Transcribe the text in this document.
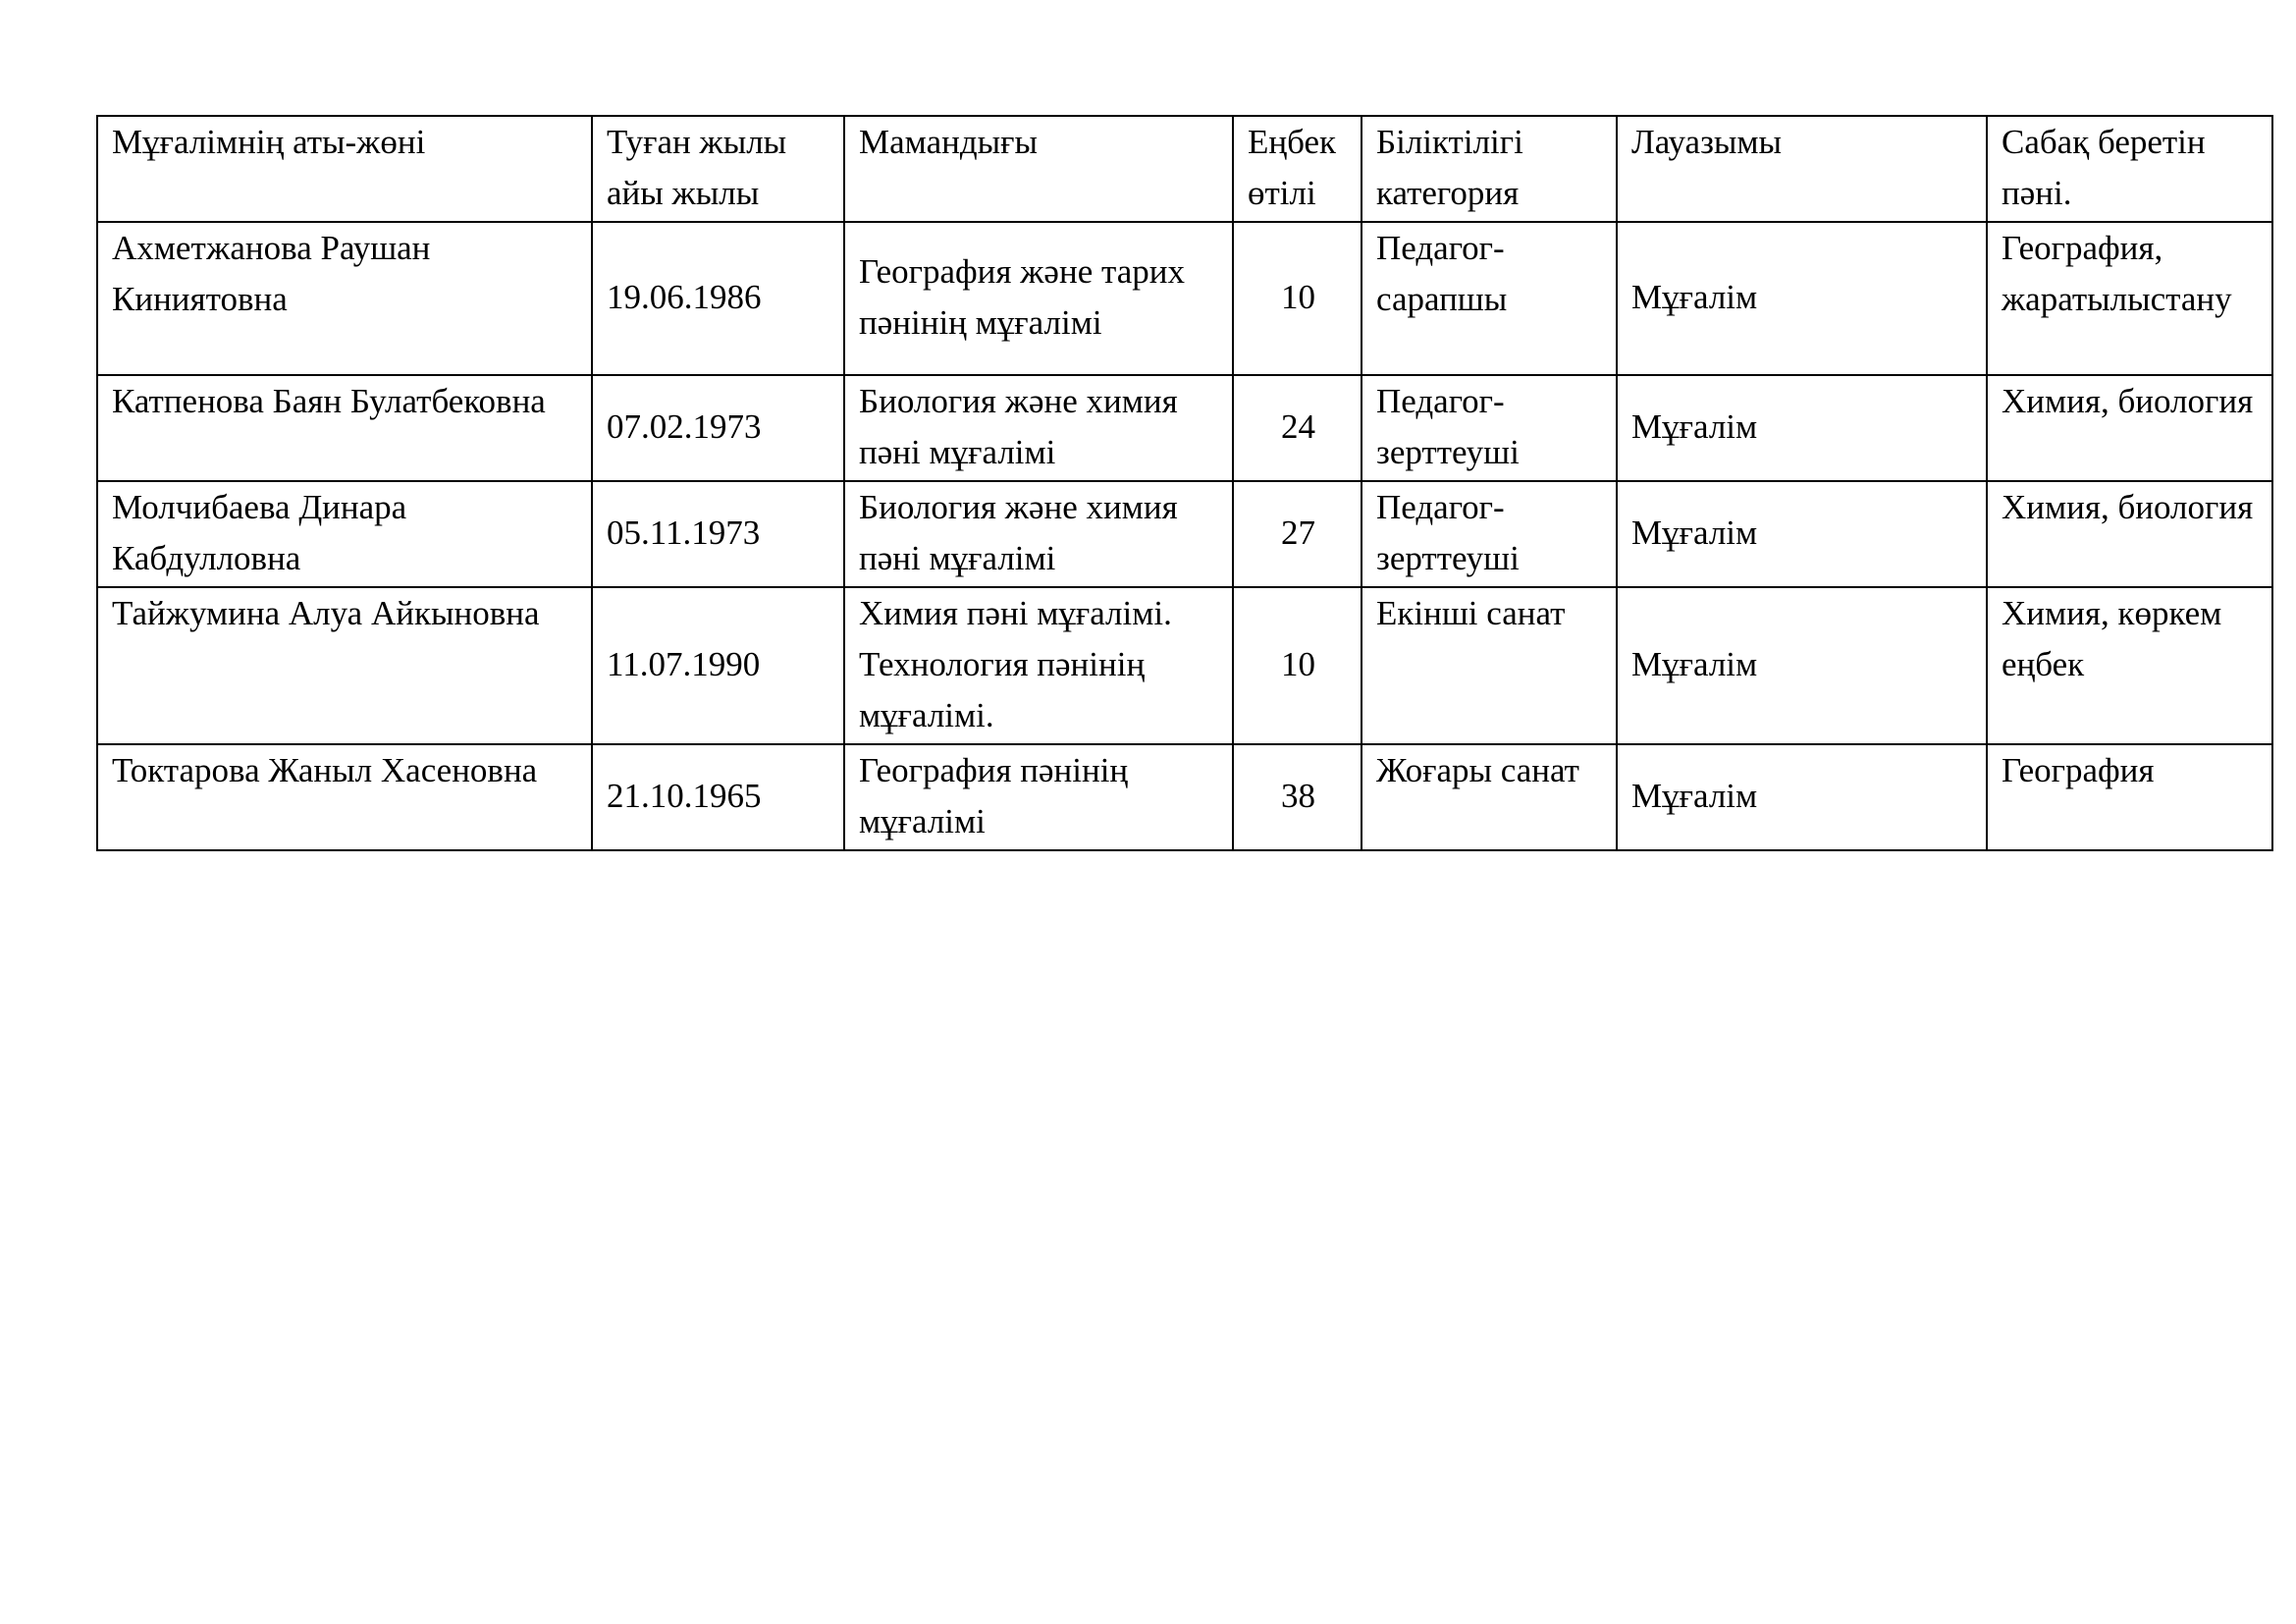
Мұғалімнің аты-жөні	Туған жылы айы жылы	Мамандығы	Еңбек өтілі	Біліктілігі категория	Лауазымы	Сабақ беретін пәні.
Ахметжанова Раушан Киниятовна	19.06.1986	География және тарих пәнінің мұғалімі	10	Педагог-сарапшы	Мұғалім	География, жаратылыстану
Катпенова Баян Булатбековна	07.02.1973	Биология және химия пәні мұғалімі	24	Педагог-зерттеуші	Мұғалім	Химия, биология
Молчибаева Динара Кабдулловна	05.11.1973	Биология және химия пәні мұғалімі	27	Педагог-зерттеуші	Мұғалім	Химия, биология
Тайжумина Алуа Айкыновна	11.07.1990	Химия пәні мұғалімі. Технология пәнінің мұғалімі.	10	Екінші санат	Мұғалім	Химия, көркем еңбек
Токтарова Жаныл Хасеновна	21.10.1965	География пәнінің мұғалімі	38	Жоғары санат	Мұғалім	География
